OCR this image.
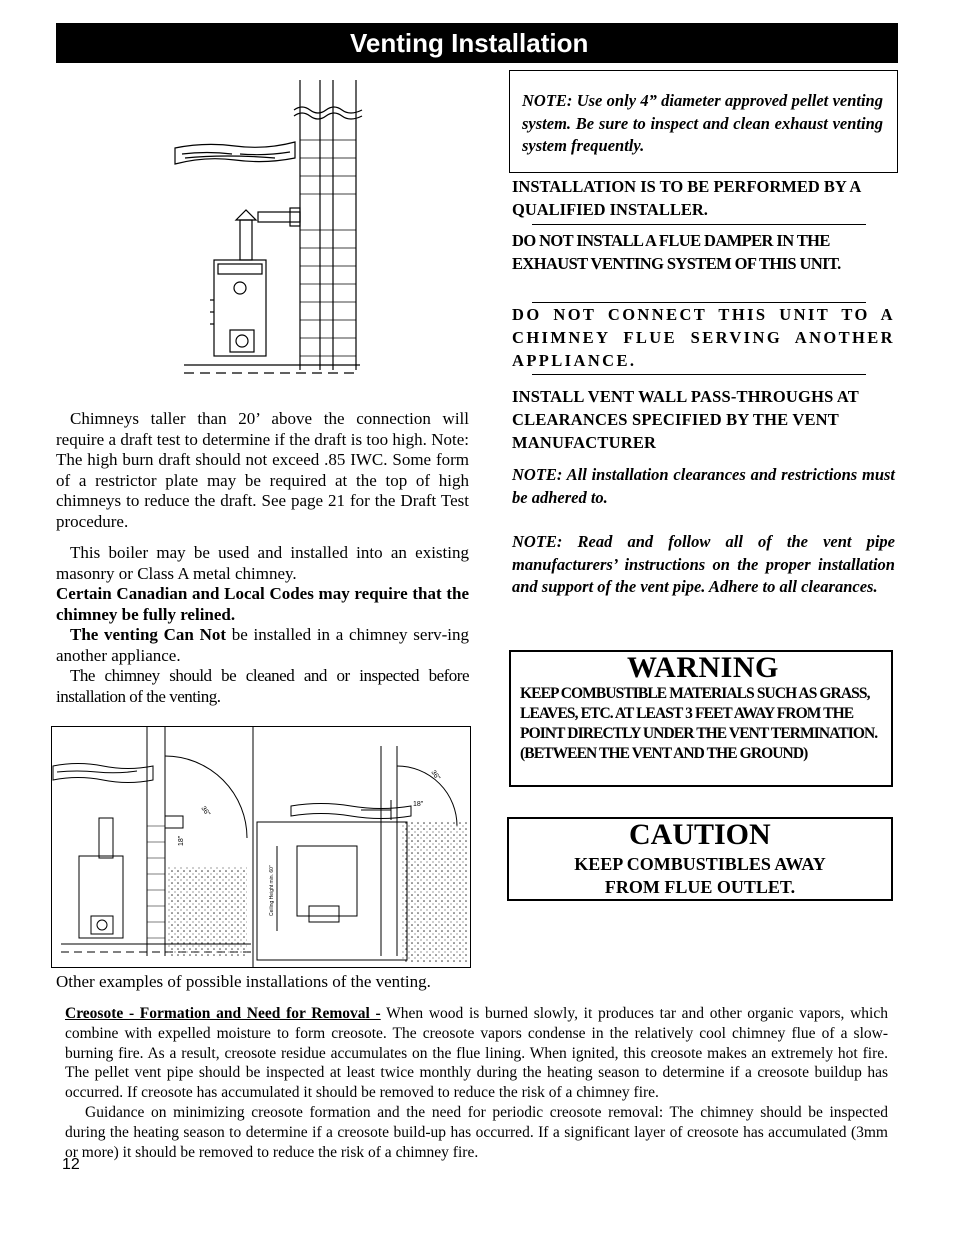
Venting Installation
Chimneys taller than 20’ above the connection will require a draft test to determine if the draft is too high. Note: The high burn draft should not exceed .85 IWC. Some form of a restrictor plate may be required at the top of high chimneys to reduce the draft. See page 21 for the Draft Test procedure.
This boiler may be used and installed into an existing masonry or Class A metal chimney.
Certain Canadian and Local Codes may require that the chimney be fully relined.
The venting Can Not be installed in a chimney serv-ing another appliance.
The chimney should be cleaned and or inspected before installation of the venting.
36"
18"
36"
18"
Ceiling Height min. 60"
Other examples of possible installations of the venting.
NOTE: Use only 4” diameter approved pellet venting system. Be sure to inspect and clean exhaust venting system frequently.
INSTALLATION IS TO BE PERFORMED BY A QUALIFIED INSTALLER.
DO NOT INSTALL A FLUE DAMPER IN THE EXHAUST VENTING SYSTEM OF THIS UNIT.
DO NOT CONNECT THIS UNIT TO A CHIMNEY FLUE SERVING ANOTHER APPLIANCE.
INSTALL VENT WALL PASS-THROUGHS AT CLEARANCES SPECIFIED BY THE VENT MANUFACTURER
NOTE: All installation clearances and restrictions must be adhered to.
NOTE: Read and follow all of the vent pipe manufacturers’ instructions on the proper installation and support of the vent pipe. Adhere to all clearances.
WARNING
KEEP COMBUSTIBLE MATERIALS SUCH AS GRASS, LEAVES, ETC. AT LEAST 3 FEET AWAY FROM THE POINT DIRECTLY UNDER THE VENT TERMINATION. (BETWEEN THE VENT AND THE GROUND)
CAUTION
KEEP COMBUSTIBLES AWAY
FROM FLUE OUTLET.
Creosote - Formation and Need for Removal - When wood is burned slowly, it produces tar and other organic vapors, which combine with expelled moisture to form creosote. The creosote vapors condense in the relatively cool chimney flue of a slow-burning fire. As a result, creosote residue accumulates on the flue lining. When ignited, this creosote makes an extremely hot fire. The pellet vent pipe should be inspected at least twice monthly during the heating season to determine if a creosote buildup has occurred. If creosote has accumulated it should be removed to reduce the risk of a chimney fire.
Guidance on minimizing creosote formation and the need for periodic creosote removal: The chimney should be inspected during the heating season to determine if a creosote build-up has occurred. If a significant layer of creosote has accumulated (3mm or more) it should be removed to reduce the risk of a chimney fire.
12
